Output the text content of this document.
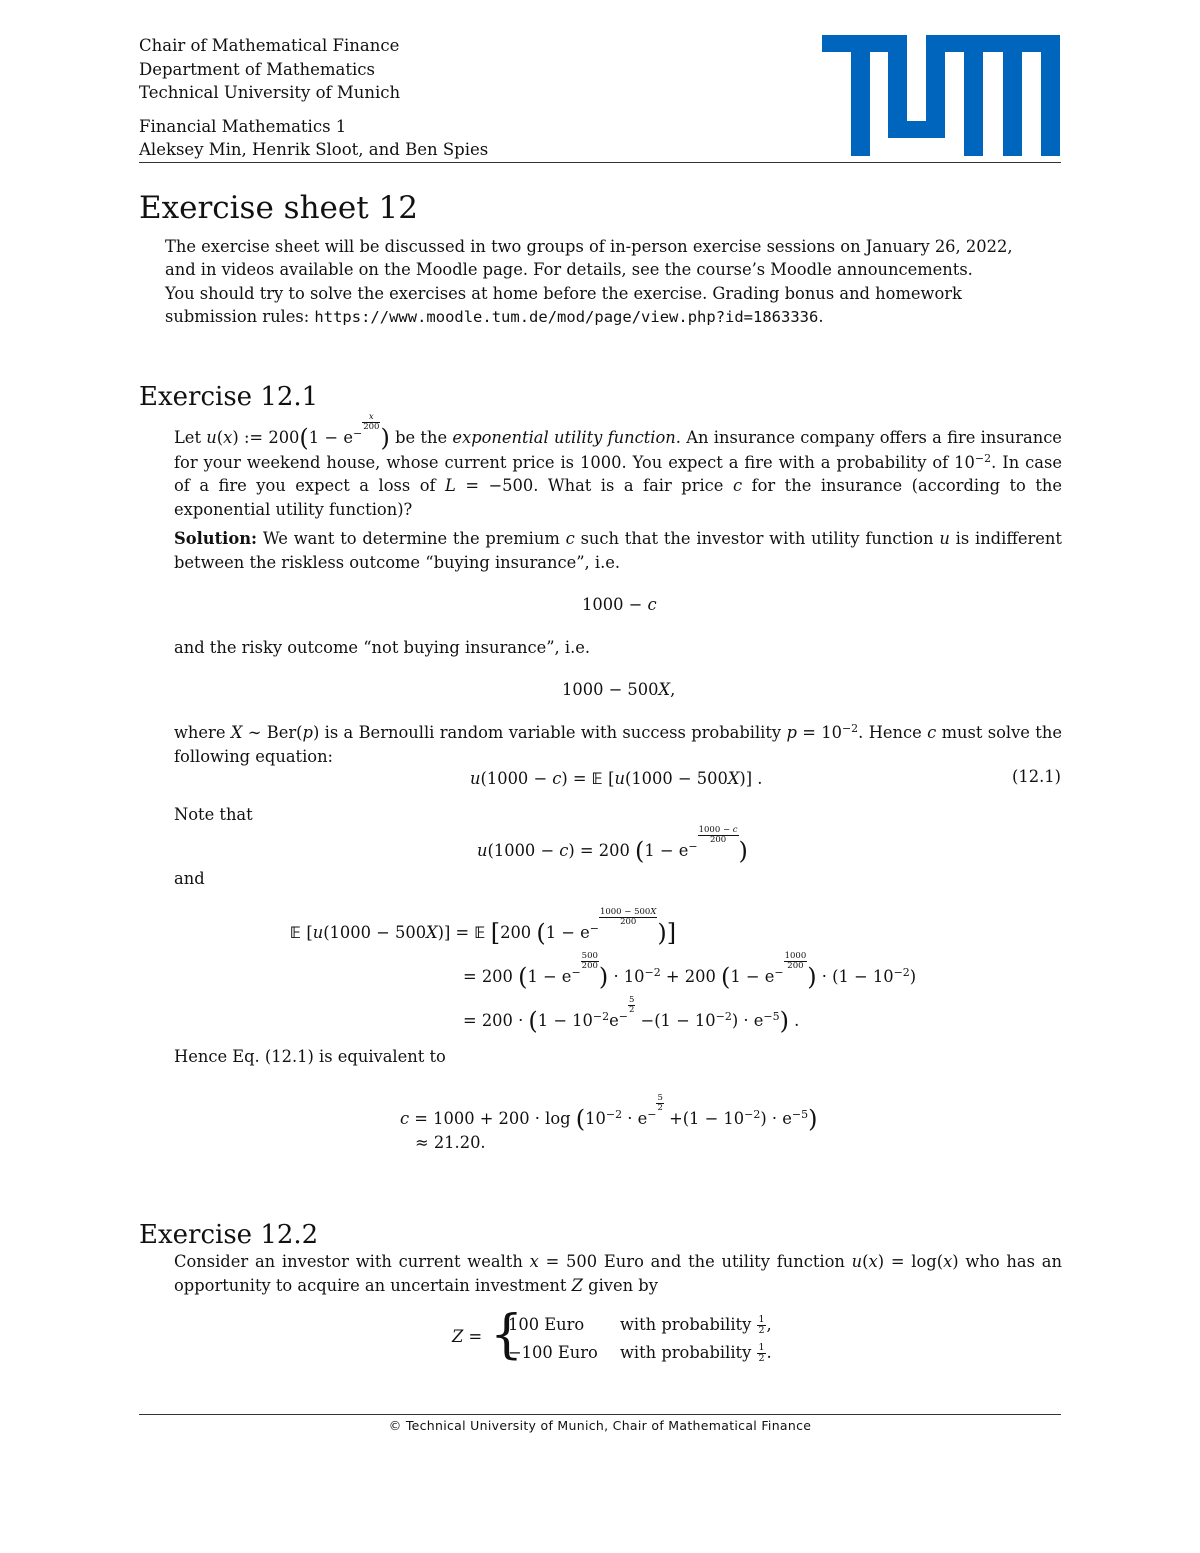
Chair of Mathematical Finance
Department of Mathematics
Technical University of Munich
Financial Mathematics 1
Aleksey Min, Henrik Sloot, and Ben Spies
Exercise sheet 12
The exercise sheet will be discussed in two groups of in-person exercise sessions on January 26, 2022,
and in videos available on the Moodle page. For details, see the course’s Moodle announcements.
You should try to solve the exercises at home before the exercise. Grading bonus and homework
submission rules: https://www.moodle.tum.de/mod/page/view.php?id=1863336.
Exercise 12.1
Let u(x) := $200(1 - e^{- \frac{x}{200}}$
) be the exponential utility function. An insurance company offers a fire insurance for your weekend house, whose current price is 1000. You expect a fire with a probability of $10^{-2}$. In case of a fire you expect a loss of L = −500. What is a fair price c for the insurance (according to the exponential utility function)?
Solution: We want to determine the premium c such that the investor with utility function u is indifferent between the riskless outcome “buying insurance”, i.e.
1000 − c
and the risky outcome “not buying insurance”, i.e.
1000 − 500X,
where X ∼ Ber(p) is a Bernoulli random variable with success probability $p = 10^{-2}$. Hence c must solve the following equation:
u(1000 − c) = 𝔼 [u(1000 − 500X)] .	(12.1)
Note that
u(1000 − c) = 200 ($1 - e^{- \frac{1000 - c}{200}}$
)
and
𝔼 [u(1000 − 500X)] = 𝔼 [200 ($1 - e^{- \frac{1000 - 500X}{200}}$
)]
= 200 ($1 - e^{- \frac{500}{200}}$
) · $10^{-2} + 200$ ($1 - e^{- \frac{1000}{200}}$
) · $(1 - 10^{-2})$
= $200 \cdot (1 - 10^{-2}e^{- \frac{5}{2}}$
$-(1 - 10^{-2}) \cdot e^{-5}$) .
Hence Eq. (12.1) is equivalent to
$c = 1000 + 200 \cdot \log (10^{-2} \cdot e^{- \frac{5}{2}}$
$+(1 - 10^{-2}) \cdot e^{-5}$)
≈ 21.20.
Exercise 12.2
Consider an investor with current wealth x = 500 Euro and the utility function u(x) = log(x) who has an opportunity to acquire an uncertain investment Z given by
Z = {
100 Euro with probability $\frac{1}{2}$ ,
−100 Euro with probability $\frac{1}{2}$ .
© Technical University of Munich, Chair of Mathematical Finance
